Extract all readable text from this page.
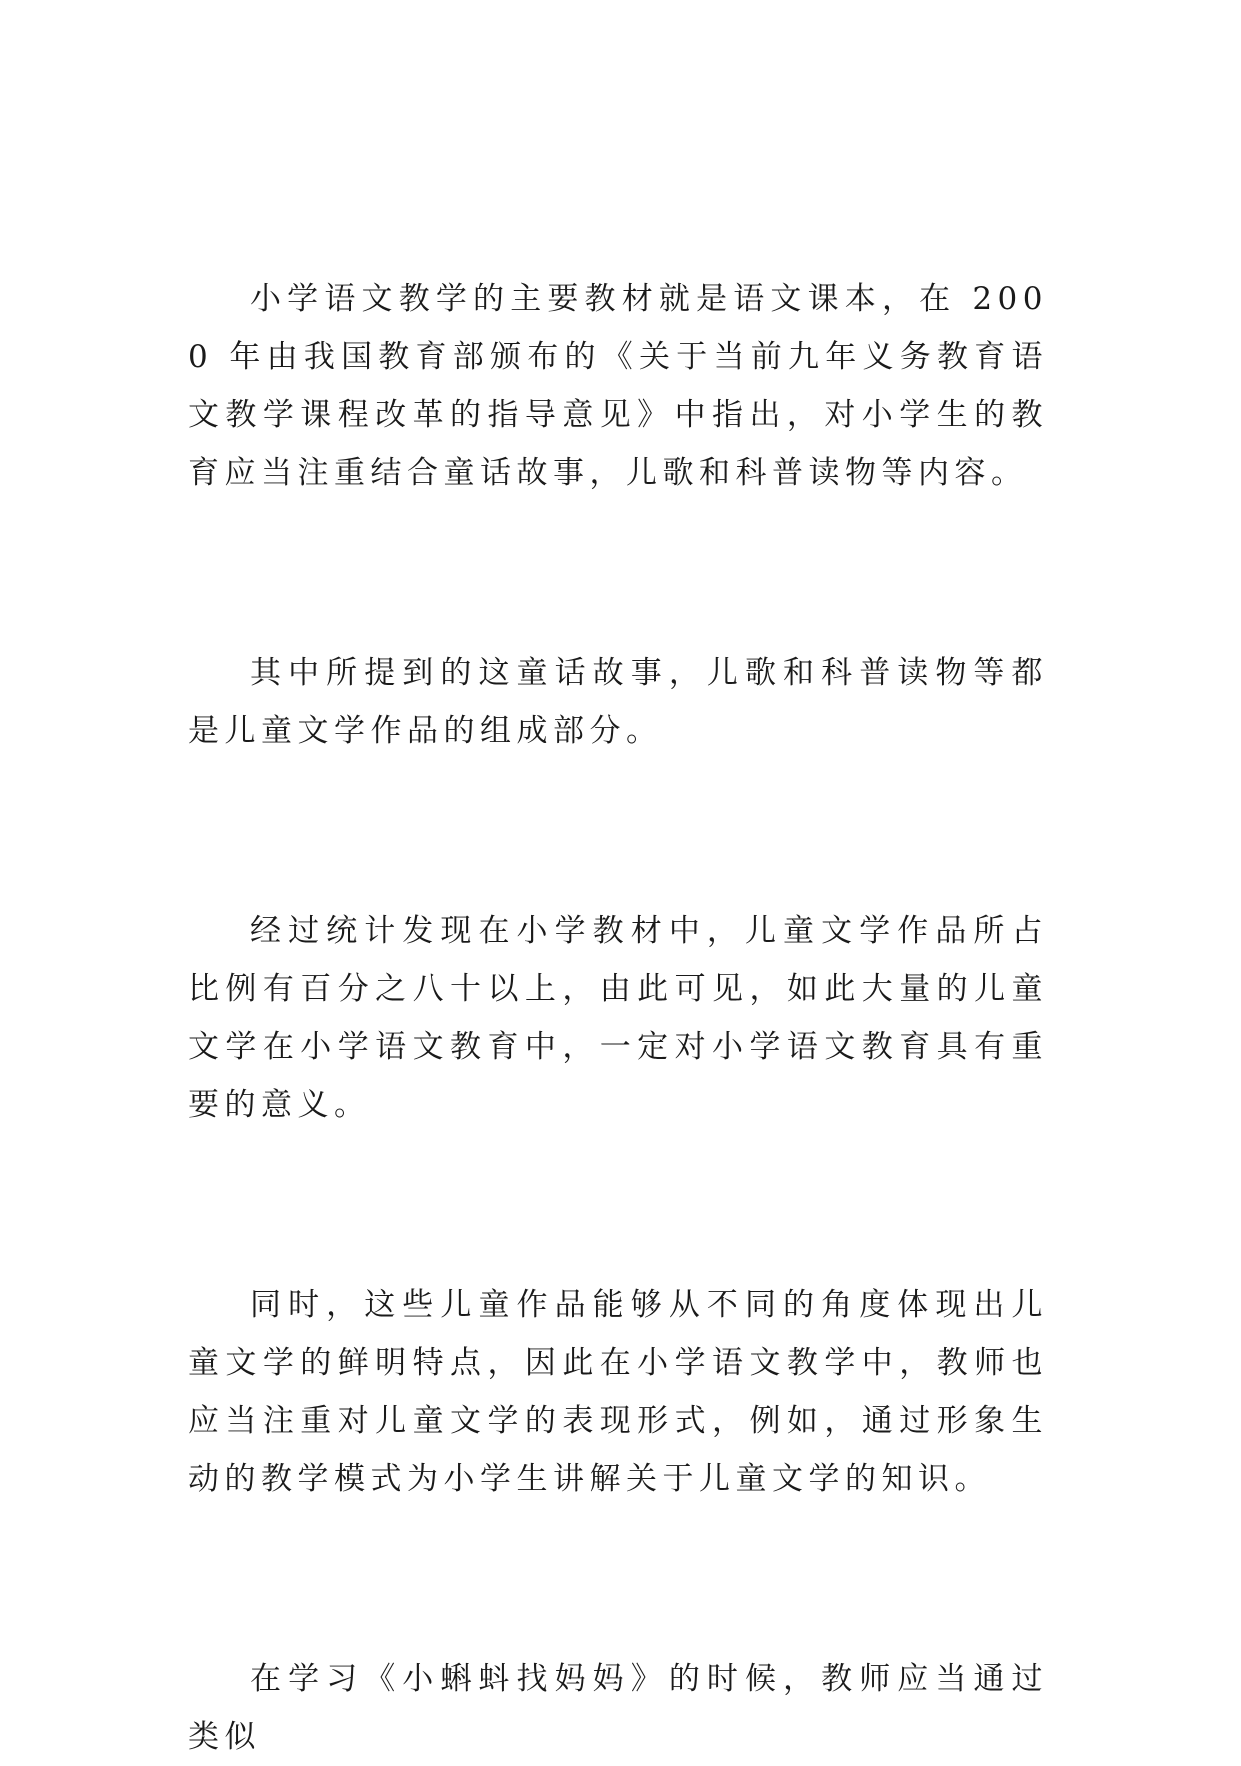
小学语文教学的主要教材就是语文课本，在 2000 年由我国教育部颁布的《关于当前九年义务教育语文教学课程改革的指导意见》中指出，对小学生的教育应当注重结合童话故事，儿歌和科普读物等内容。

其中所提到的这童话故事，儿歌和科普读物等都是儿童文学作品的组成部分。

经过统计发现在小学教材中，儿童文学作品所占比例有百分之八十以上，由此可见，如此大量的儿童文学在小学语文教育中，一定对小学语文教育具有重要的意义。

同时，这些儿童作品能够从不同的角度体现出儿童文学的鲜明特点，因此在小学语文教学中，教师也应当注重对儿童文学的表现形式，例如，通过形象生动的教学模式为小学生讲解关于儿童文学的知识。

在学习《小蝌蚪找妈妈》的时候，教师应当通过类似
